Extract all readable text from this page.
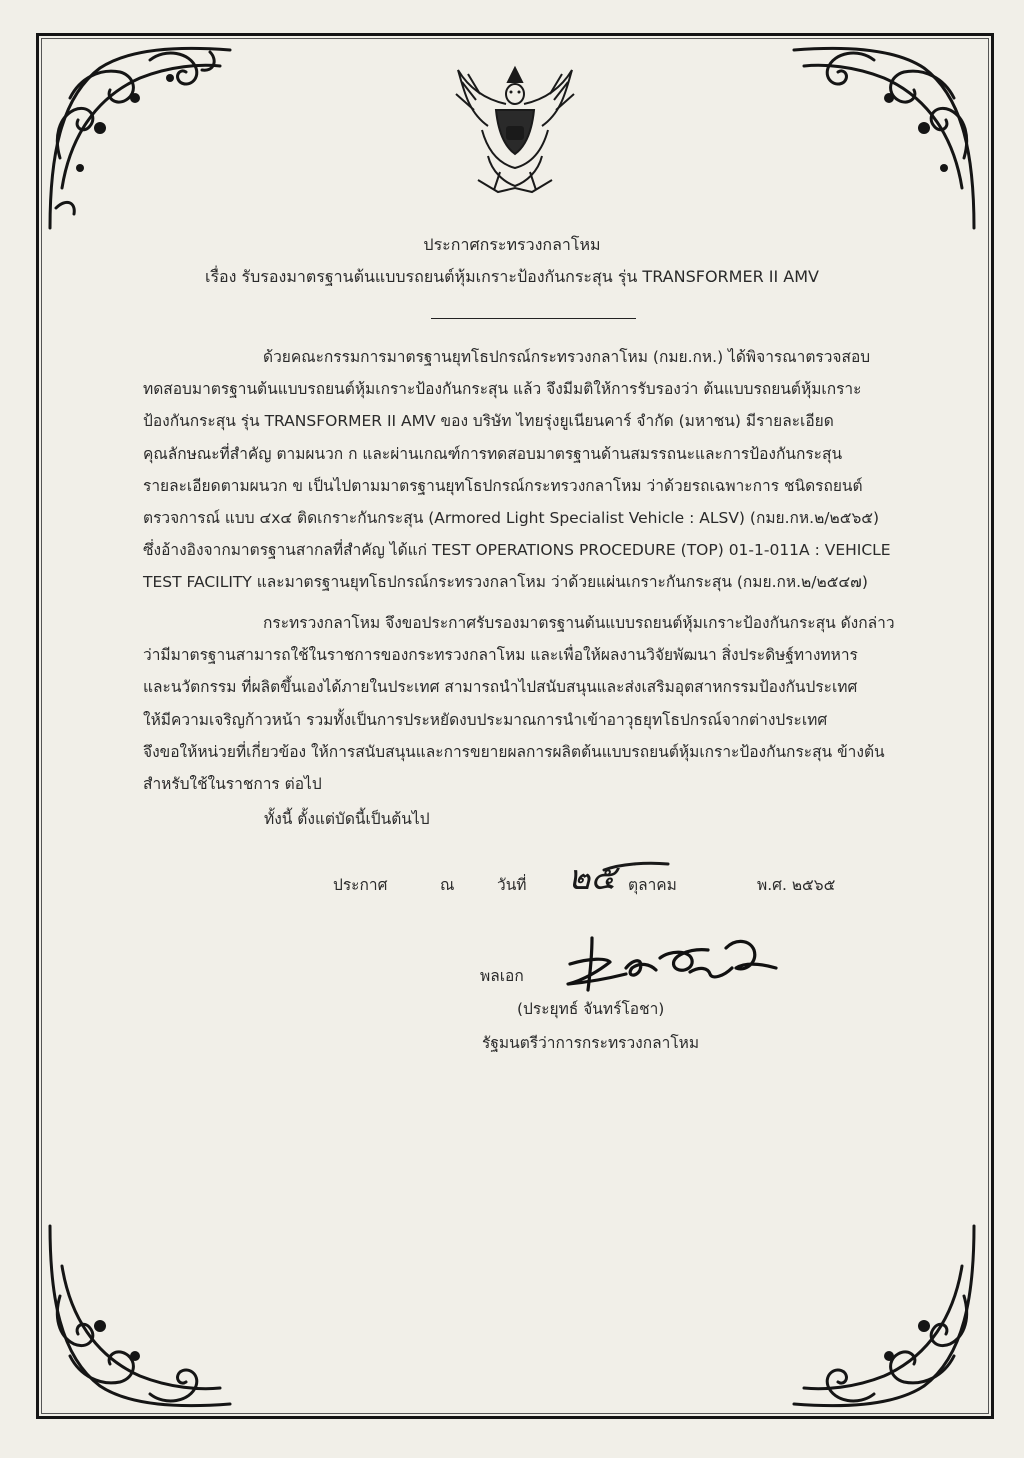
ประกาศกระทรวงกลาโหม
เรื่อง รับรองมาตรฐานต้นแบบรถยนต์หุ้มเกราะป้องกันกระสุน รุ่น TRANSFORMER II AMV
ด้วยคณะกรรมการมาตรฐานยุทโธปกรณ์กระทรวงกลาโหม (กมย.กห.) ได้พิจารณาตรวจสอบ
ทดสอบมาตรฐานต้นแบบรถยนต์หุ้มเกราะป้องกันกระสุน แล้ว จึงมีมติให้การรับรองว่า ต้นแบบรถยนต์หุ้มเกราะ
ป้องกันกระสุน รุ่น TRANSFORMER II AMV ของ บริษัท ไทยรุ่งยูเนียนคาร์ จำกัด (มหาชน) มีรายละเอียด
คุณลักษณะที่สำคัญ ตามผนวก ก และผ่านเกณฑ์การทดสอบมาตรฐานด้านสมรรถนะและการป้องกันกระสุน
รายละเอียดตามผนวก ข เป็นไปตามมาตรฐานยุทโธปกรณ์กระทรวงกลาโหม ว่าด้วยรถเฉพาะการ ชนิดรถยนต์
ตรวจการณ์ แบบ ๔x๔ ติดเกราะกันกระสุน (Armored Light Specialist Vehicle : ALSV) (กมย.กห.๒/๒๕๖๕)
ซึ่งอ้างอิงจากมาตรฐานสากลที่สำคัญ ได้แก่ TEST OPERATIONS PROCEDURE (TOP) 01-1-011A : VEHICLE
TEST FACILITY และมาตรฐานยุทโธปกรณ์กระทรวงกลาโหม ว่าด้วยแผ่นเกราะกันกระสุน (กมย.กห.๒/๒๕๔๗)
กระทรวงกลาโหม จึงขอประกาศรับรองมาตรฐานต้นแบบรถยนต์หุ้มเกราะป้องกันกระสุน ดังกล่าว
ว่ามีมาตรฐานสามารถใช้ในราชการของกระทรวงกลาโหม และเพื่อให้ผลงานวิจัยพัฒนา สิ่งประดิษฐ์ทางทหาร
และนวัตกรรม ที่ผลิตขึ้นเองได้ภายในประเทศ สามารถนำไปสนับสนุนและส่งเสริมอุตสาหกรรมป้องกันประเทศ
ให้มีความเจริญก้าวหน้า รวมทั้งเป็นการประหยัดงบประมาณการนำเข้าอาวุธยุทโธปกรณ์จากต่างประเทศ
จึงขอให้หน่วยที่เกี่ยวข้อง ให้การสนับสนุนและการขยายผลการผลิตต้นแบบรถยนต์หุ้มเกราะป้องกันกระสุน ข้างต้น
สำหรับใช้ในราชการ ต่อไป
ทั้งนี้ ตั้งแต่บัดนี้เป็นต้นไป
ประกาศ	ณ	วันที่ ๒๕ ตุลาคม	พ.ศ. ๒๕๖๕
พลเอก
(ประยุทธ์ จันทร์โอชา)
รัฐมนตรีว่าการกระทรวงกลาโหม
